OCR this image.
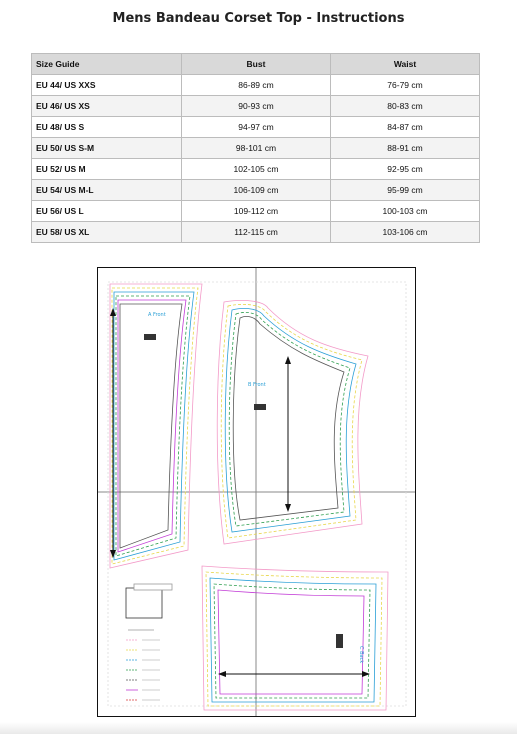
Mens Bandeau Corset Top - Instructions
Size Guide	Bust	Waist
EU 44/ US XXS	86-89 cm	76-79 cm
EU 46/ US XS	90-93 cm	80-83 cm
EU 48/ US S	94-97 cm	84-87 cm
EU 50/ US S-M	98-101 cm	88-91 cm
EU 52/ US M	102-105 cm	92-95 cm
EU 54/ US M-L	106-109 cm	95-99 cm
EU 56/ US L	109-112 cm	100-103 cm
EU 58/ US XL	112-115 cm	103-106 cm
A Front
B Front
C Back
